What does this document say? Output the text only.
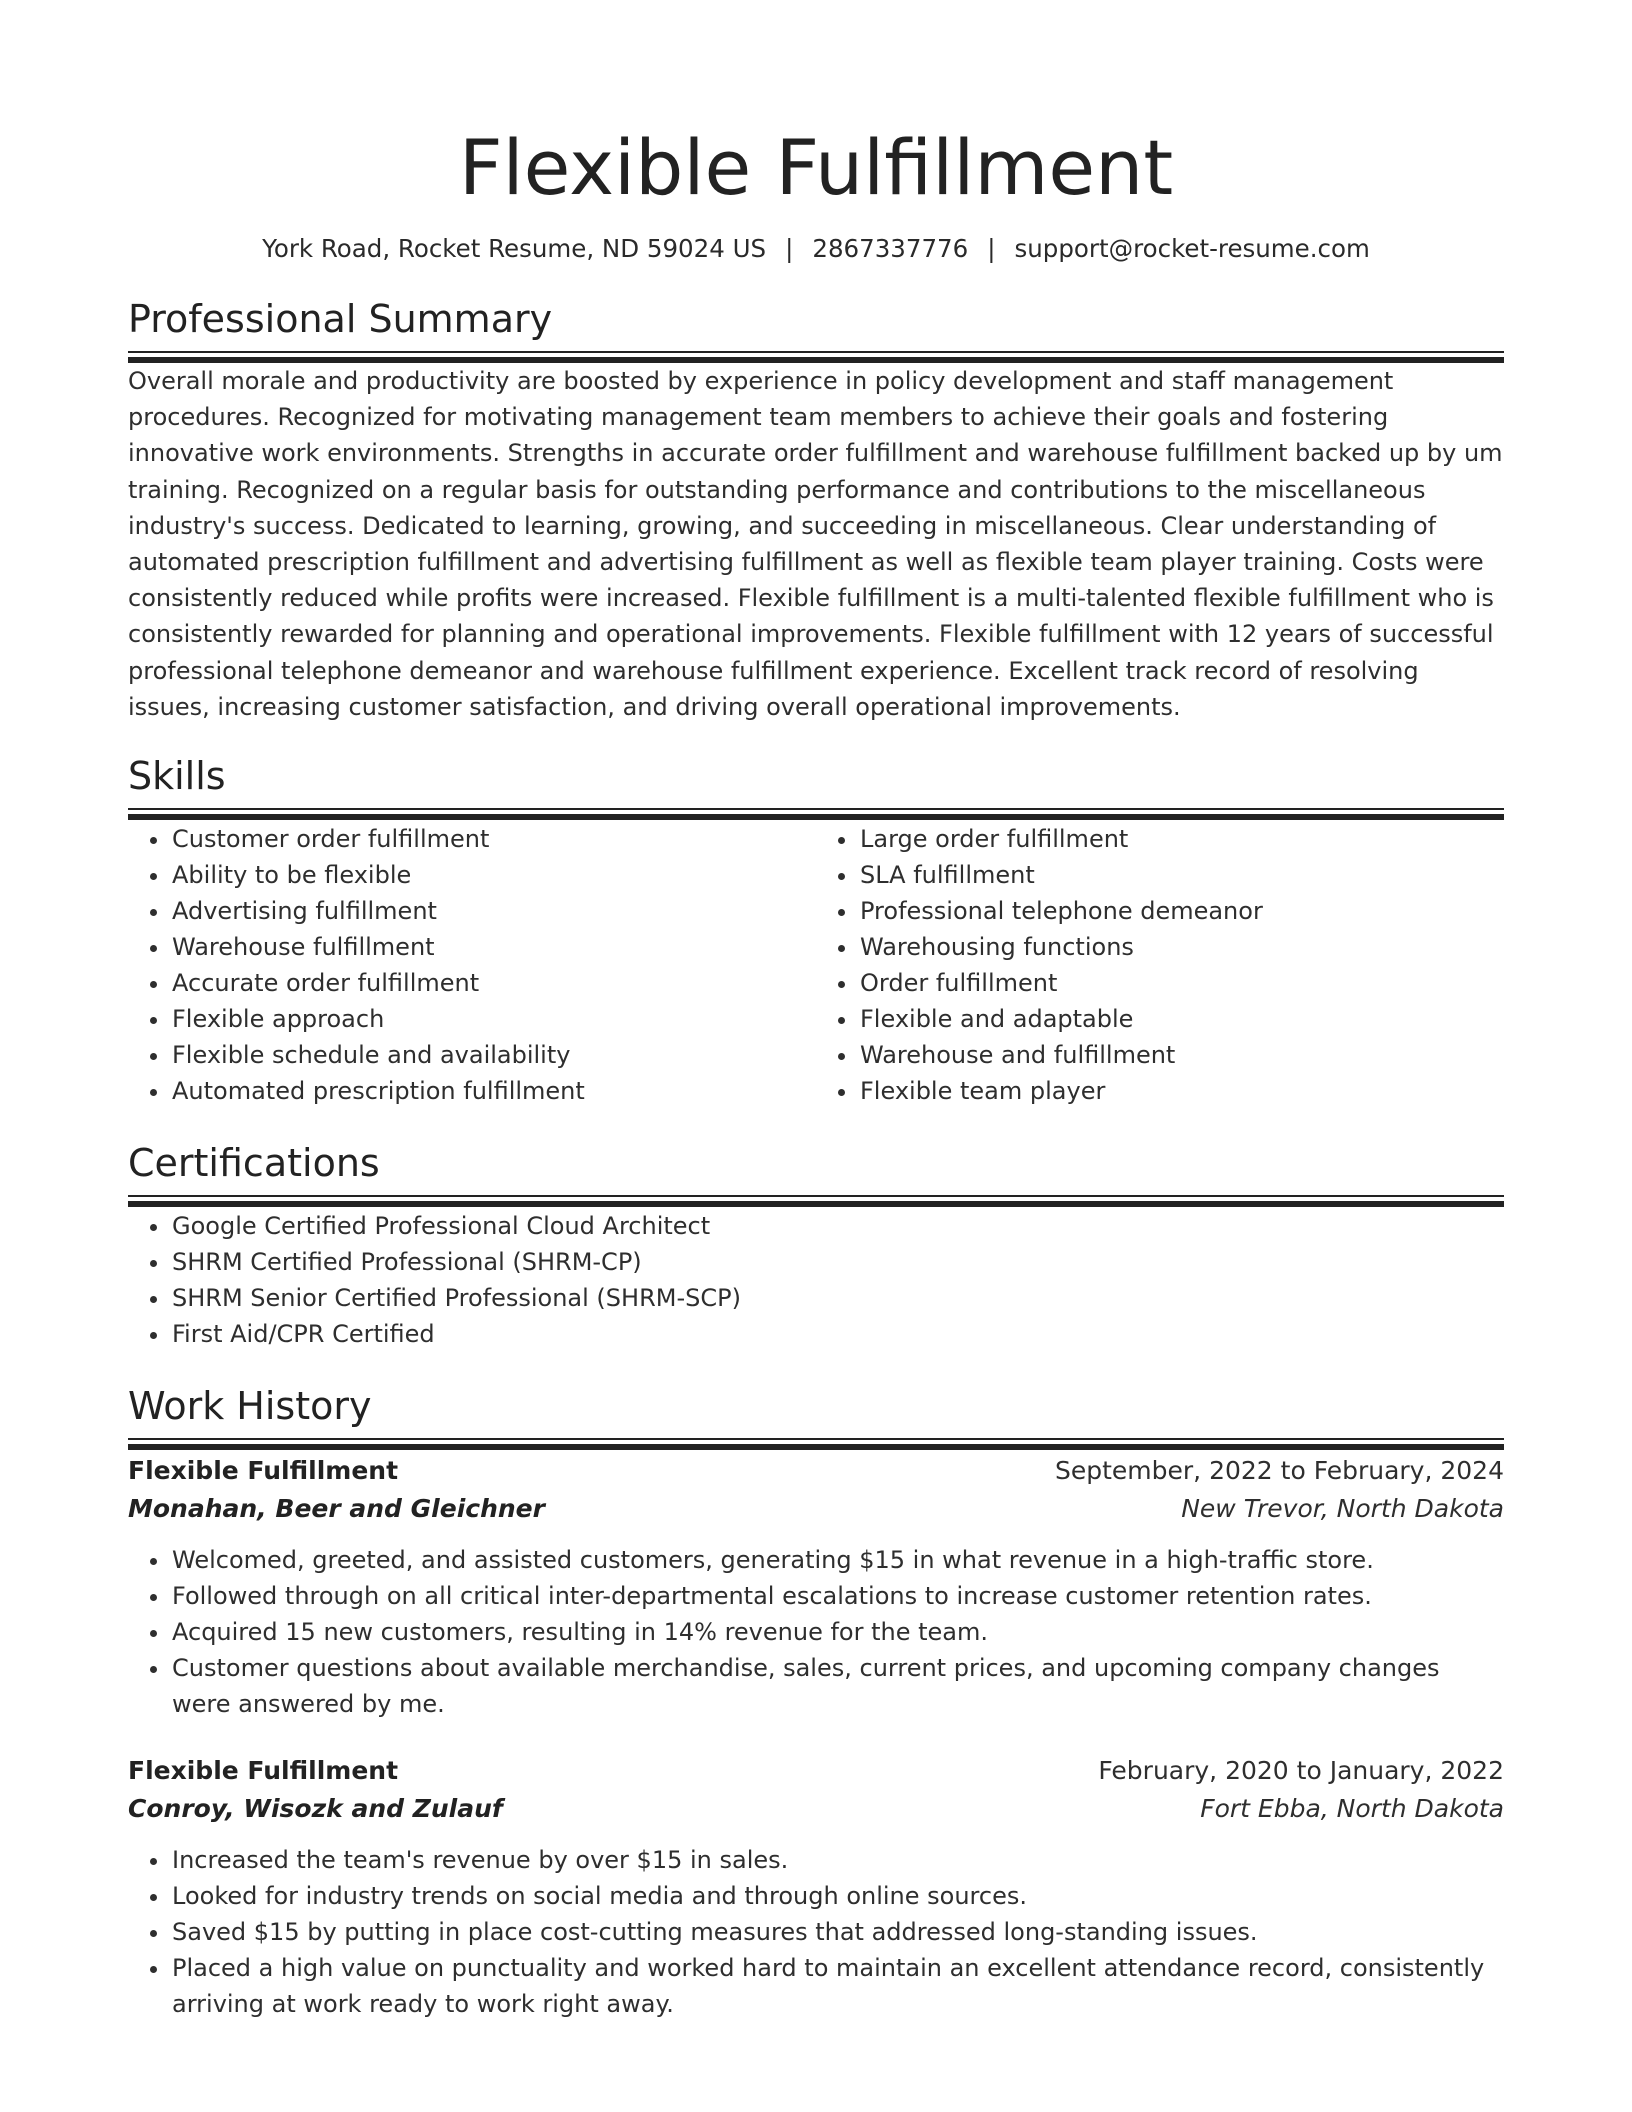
Flexible Fulfillment
York Road, Rocket Resume, ND 59024 US | 2867337776 | support@rocket-resume.com
Professional Summary
Overall morale and productivity are boosted by experience in policy development and staff management procedures. Recognized for motivating management team members to achieve their goals and fostering innovative work environments. Strengths in accurate order fulfillment and warehouse fulfillment backed up by um training. Recognized on a regular basis for outstanding performance and contributions to the miscellaneous industry's success. Dedicated to learning, growing, and succeeding in miscellaneous. Clear understanding of automated prescription fulfillment and advertising fulfillment as well as flexible team player training. Costs were consistently reduced while profits were increased. Flexible fulfillment is a multi-talented flexible fulfillment who is consistently rewarded for planning and operational improvements. Flexible fulfillment with 12 years of successful professional telephone demeanor and warehouse fulfillment experience. Excellent track record of resolving issues, increasing customer satisfaction, and driving overall operational improvements.
Skills
• Customer order fulfillment
• Ability to be flexible
• Advertising fulfillment
• Warehouse fulfillment
• Accurate order fulfillment
• Flexible approach
• Flexible schedule and availability
• Automated prescription fulfillment
• Large order fulfillment
• SLA fulfillment
• Professional telephone demeanor
• Warehousing functions
• Order fulfillment
• Flexible and adaptable
• Warehouse and fulfillment
• Flexible team player
Certifications
• Google Certified Professional Cloud Architect
• SHRM Certified Professional (SHRM-CP)
• SHRM Senior Certified Professional (SHRM-SCP)
• First Aid/CPR Certified
Work History
Flexible Fulfillment	September, 2022 to February, 2024
Monahan, Beer and Gleichner	New Trevor, North Dakota
• Welcomed, greeted, and assisted customers, generating $15 in what revenue in a high-traffic store.
• Followed through on all critical inter-departmental escalations to increase customer retention rates.
• Acquired 15 new customers, resulting in 14% revenue for the team.
• Customer questions about available merchandise, sales, current prices, and upcoming company changes were answered by me.
Flexible Fulfillment	February, 2020 to January, 2022
Conroy, Wisozk and Zulauf	Fort Ebba, North Dakota
• Increased the team's revenue by over $15 in sales.
• Looked for industry trends on social media and through online sources.
• Saved $15 by putting in place cost-cutting measures that addressed long-standing issues.
• Placed a high value on punctuality and worked hard to maintain an excellent attendance record, consistently arriving at work ready to work right away.
